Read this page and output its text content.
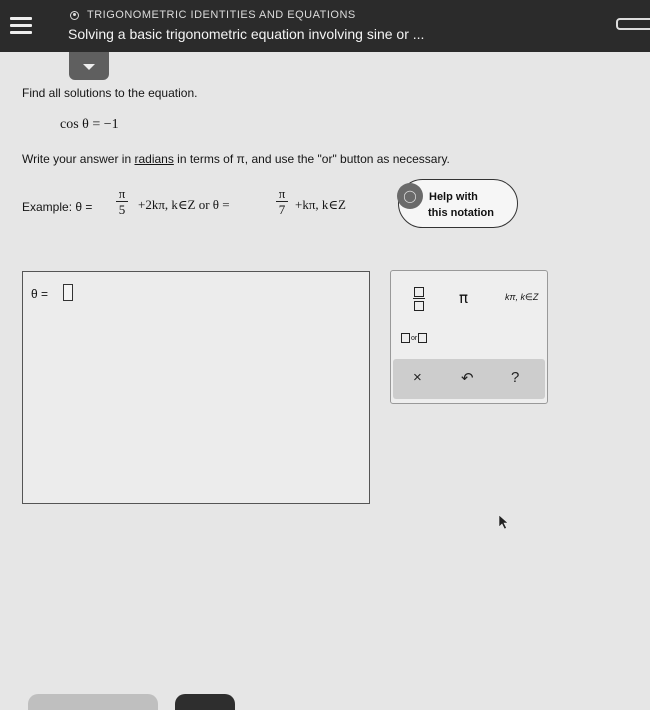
TRIGONOMETRIC IDENTITIES AND EQUATIONS
Solving a basic trigonometric equation involving sine or ...
Find all solutions to the equation.
cos θ = −1
Write your answer in radians in terms of π, and use the "or" button as necessary.
Example: θ =
π
5 +2kπ, k∈Z or θ =
π
7 +kπ, k∈Z
◯	Help with
this notation
θ =	π	kπ, k∈Z
or
×	↶ ?
